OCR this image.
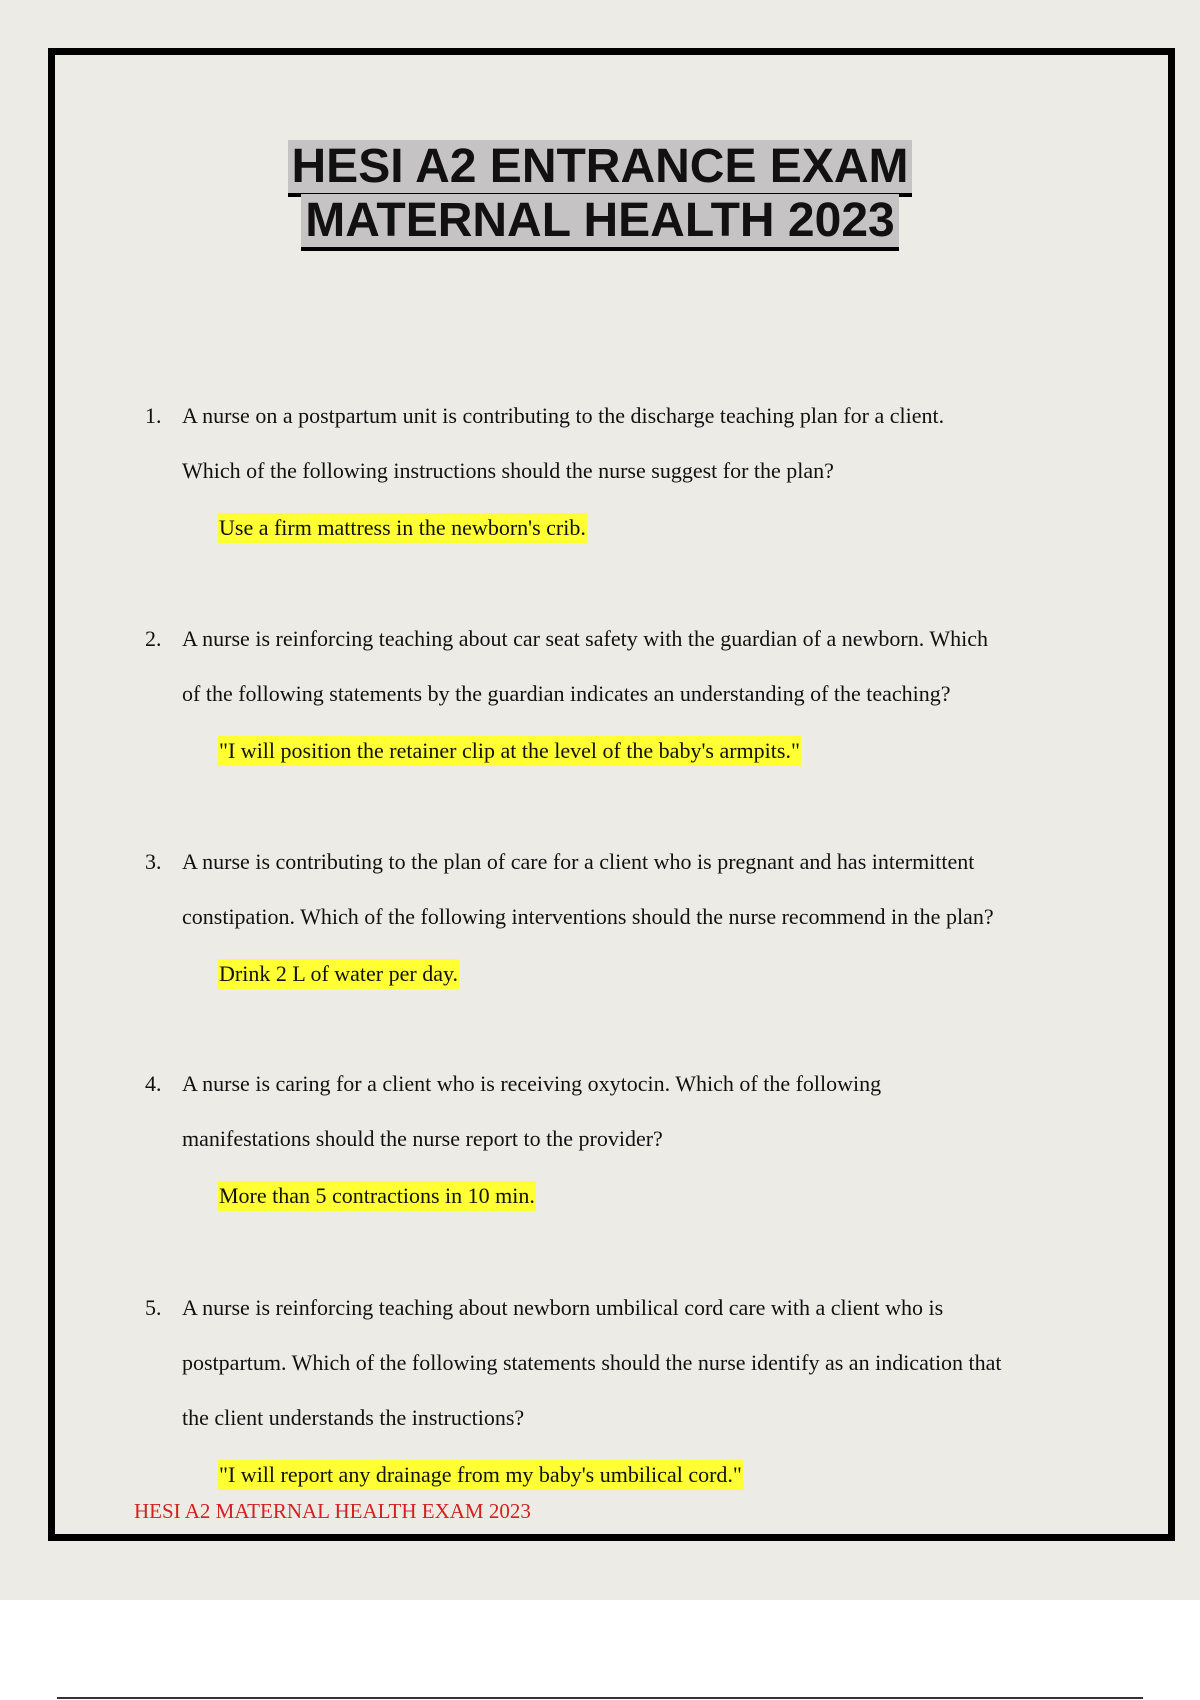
HESI A2 ENTRANCE EXAM
MATERNAL HEALTH 2023
1. A nurse on a postpartum unit is contributing to the discharge teaching plan for a client.
Which of the following instructions should the nurse suggest for the plan?
Use a firm mattress in the newborn's crib.
2. A nurse is reinforcing teaching about car seat safety with the guardian of a newborn. Which
of the following statements by the guardian indicates an understanding of the teaching?
"I will position the retainer clip at the level of the baby's armpits."
3. A nurse is contributing to the plan of care for a client who is pregnant and has intermittent
constipation. Which of the following interventions should the nurse recommend in the plan?
Drink 2 L of water per day.
4. A nurse is caring for a client who is receiving oxytocin. Which of the following
manifestations should the nurse report to the provider?
More than 5 contractions in 10 min.
5. A nurse is reinforcing teaching about newborn umbilical cord care with a client who is
postpartum. Which of the following statements should the nurse identify as an indication that
the client understands the instructions?
"I will report any drainage from my baby's umbilical cord."
HESI A2 MATERNAL HEALTH EXAM 2023
